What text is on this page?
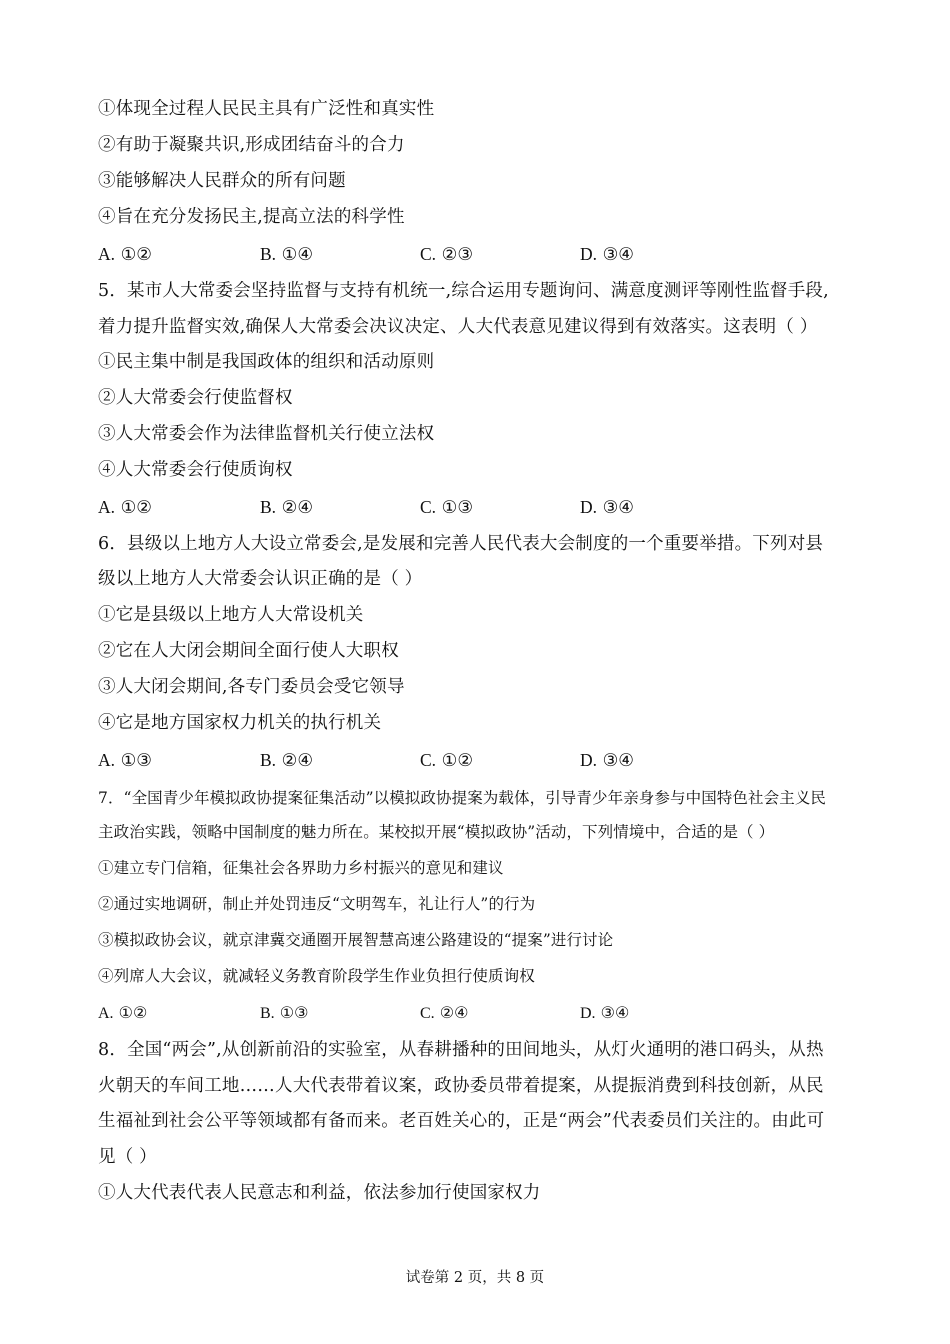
①体现全过程人民民主具有广泛性和真实性
②有助于凝聚共识,形成团结奋斗的合力
③能够解决人民群众的所有问题
④旨在充分发扬民主,提高立法的科学性
A. ①②	B. ①④	C. ②③	D. ③④
5．某市人大常委会坚持监督与支持有机统一,综合运用专题询问、满意度测评等刚性监督手段,
着力提升监督实效,确保人大常委会决议决定、人大代表意见建议得到有效落实。这表明（ ）
①民主集中制是我国政体的组织和活动原则
②人大常委会行使监督权
③人大常委会作为法律监督机关行使立法权
④人大常委会行使质询权
A. ①②	B. ②④	C. ①③	D. ③④
6．县级以上地方人大设立常委会,是发展和完善人民代表大会制度的一个重要举措。下列对县
级以上地方人大常委会认识正确的是（ ）
①它是县级以上地方人大常设机关
②它在人大闭会期间全面行使人大职权
③人大闭会期间,各专门委员会受它领导
④它是地方国家权力机关的执行机关
A. ①③	B. ②④	C. ①②	D. ③④
7．“全国青少年模拟政协提案征集活动”以模拟政协提案为载体，引导青少年亲身参与中国特色社会主义民
主政治实践，领略中国制度的魅力所在。某校拟开展“模拟政协”活动，下列情境中，合适的是（ ）
①建立专门信箱，征集社会各界助力乡村振兴的意见和建议
②通过实地调研，制止并处罚违反“文明驾车，礼让行人”的行为
③模拟政协会议，就京津冀交通圈开展智慧高速公路建设的“提案”进行讨论
④列席人大会议，就减轻义务教育阶段学生作业负担行使质询权
A. ①②	B. ①③	C. ②④	D. ③④
8．全国“两会”,从创新前沿的实验室，从春耕播种的田间地头，从灯火通明的港口码头，从热
火朝天的车间工地……人大代表带着议案，政协委员带着提案，从提振消费到科技创新，从民
生福祉到社会公平等领域都有备而来。老百姓关心的，正是“两会”代表委员们关注的。由此可
见（ ）
①人大代表代表人民意志和利益，依法参加行使国家权力
试卷第 2 页，共 8 页
